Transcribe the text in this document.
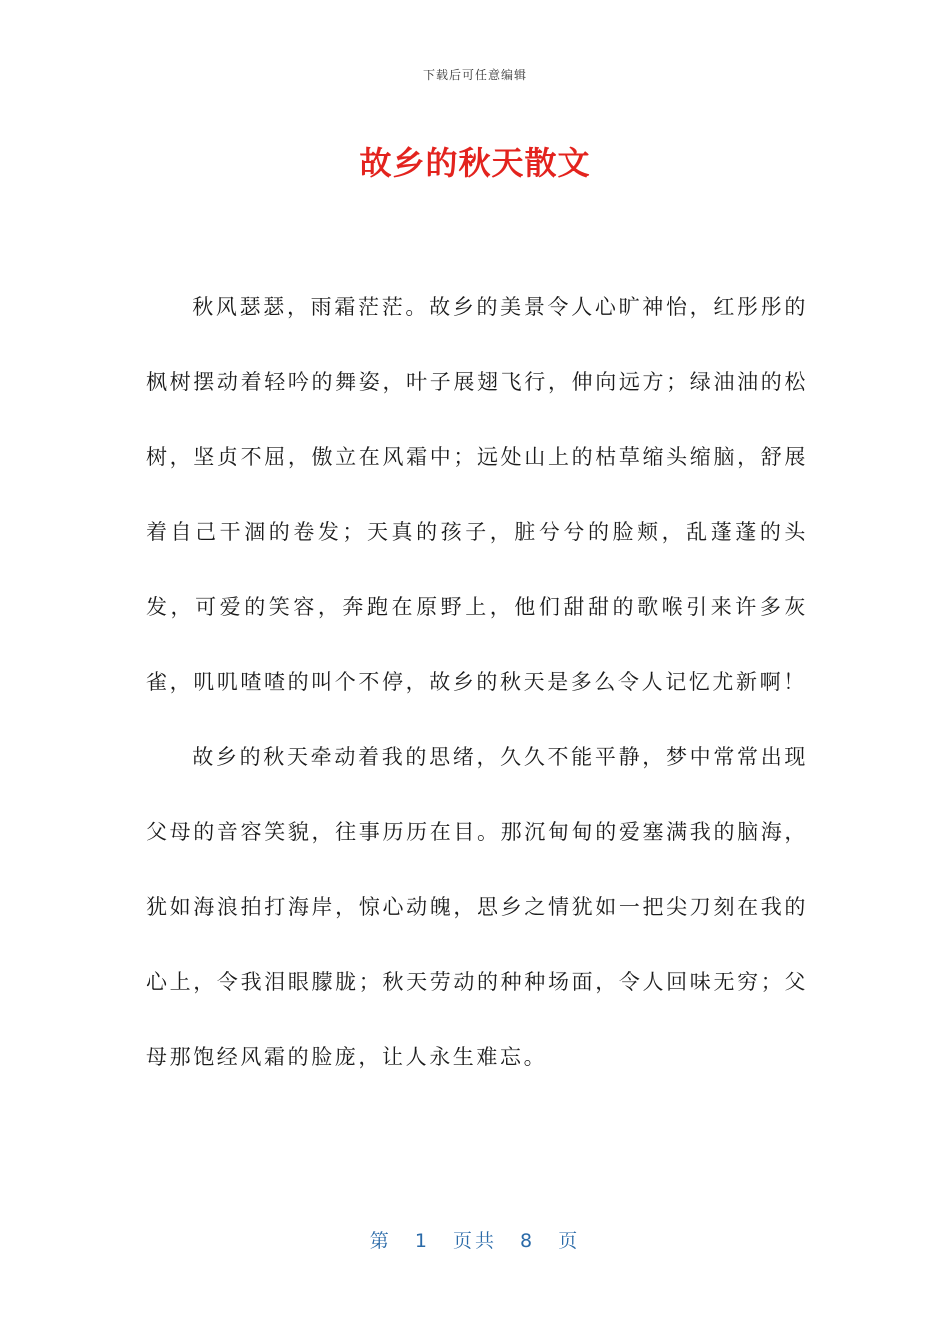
下载后可任意编辑
故乡的秋天散文

秋风瑟瑟，雨霜茫茫。故乡的美景令人心旷神怡，红彤彤的枫树摆动着轻吟的舞姿，叶子展翅飞行，伸向远方；绿油油的松树，坚贞不屈，傲立在风霜中；远处山上的枯草缩头缩脑，舒展着自己干涸的卷发；天真的孩子，脏兮兮的脸颊，乱蓬蓬的头发，可爱的笑容，奔跑在原野上，他们甜甜的歌喉引来许多灰雀，叽叽喳喳的叫个不停，故乡的秋天是多么令人记忆尤新啊！

故乡的秋天牵动着我的思绪，久久不能平静，梦中常常出现父母的音容笑貌，往事历历在目。那沉甸甸的爱塞满我的脑海，犹如海浪拍打海岸，惊心动魄，思乡之情犹如一把尖刀刻在我的心上，令我泪眼朦胧；秋天劳动的种种场面，令人回味无穷；父母那饱经风霜的脸庞，让人永生难忘。

第 1 页共 8 页
